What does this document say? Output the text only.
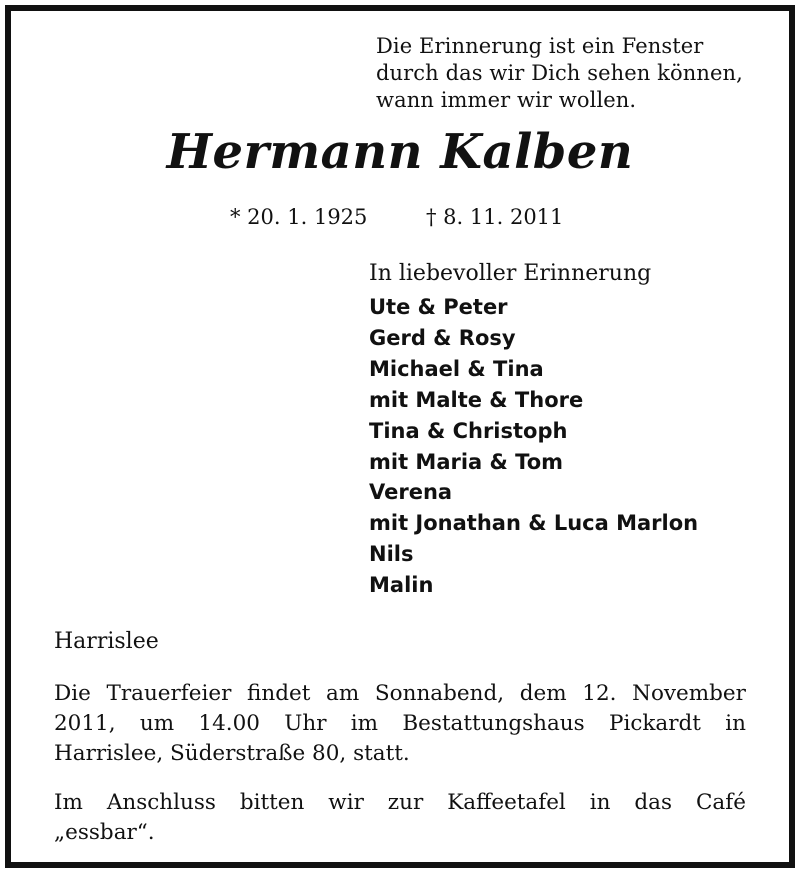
Die Erinnerung ist ein Fenster
durch das wir Dich sehen können,
wann immer wir wollen.
Hermann Kalben
* 20. 1. 1925	† 8. 11. 2011
In liebevoller Erinnerung
Ute & Peter
Gerd & Rosy
Michael & Tina
mit Malte & Thore
Tina & Christoph
mit Maria & Tom
Verena
mit Jonathan & Luca Marlon
Nils
Malin
Harrislee
Die Trauerfeier findet am Sonnabend, dem 12. November
2011, um 14.00 Uhr im Bestattungshaus Pickardt in
Harrislee, Süderstraße 80, statt.
Im Anschluss bitten wir zur Kaffeetafel in das Café
„essbar“.
